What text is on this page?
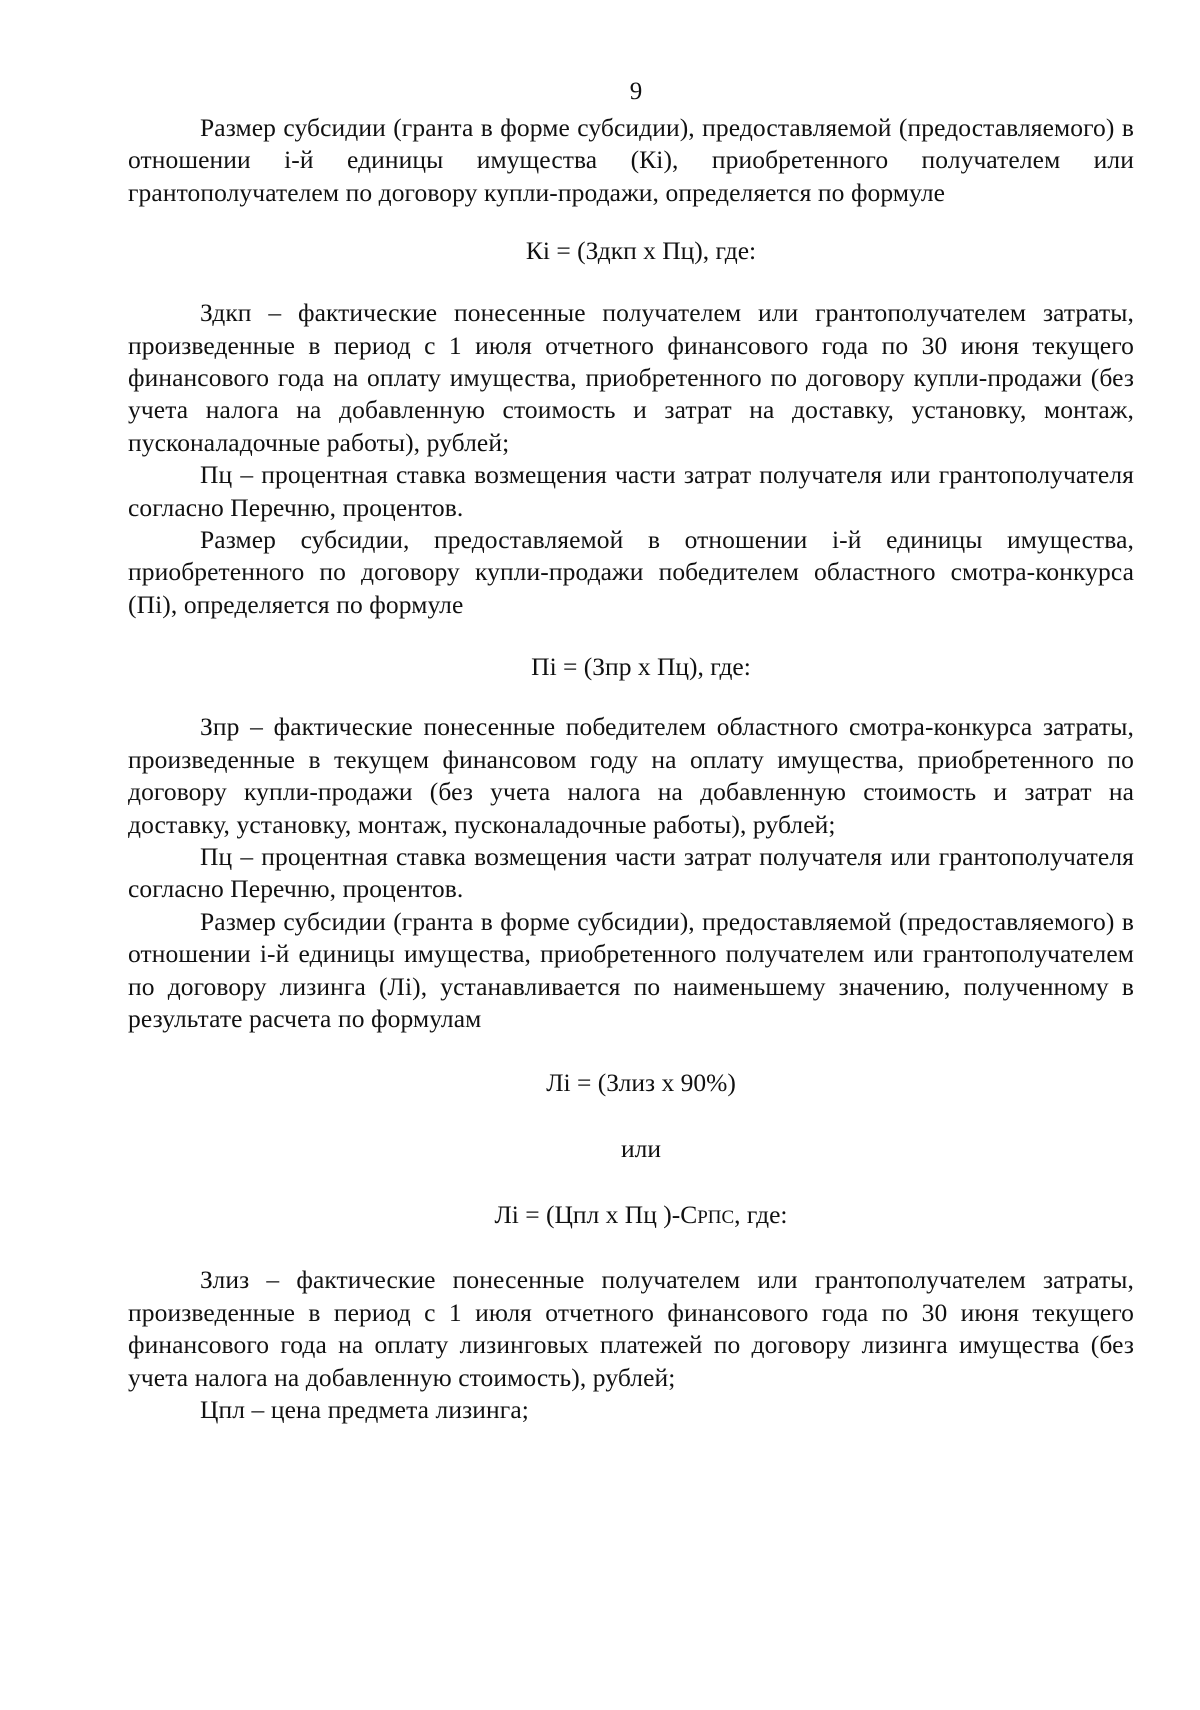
9

Размер субсидии (гранта в форме субсидии), предоставляемой (предоставляемого) в отношении i-й единицы имущества (Кi), приобретенного получателем или грантополучателем по договору купли-продажи, определяется по формуле

Кi = (Здкп х Пц), где:

Здкп – фактические понесенные получателем или грантополучателем затраты, произведенные в период с 1 июля отчетного финансового года по 30 июня текущего финансового года на оплату имущества, приобретенного по договору купли-продажи (без учета налога на добавленную стоимость и затрат на доставку, установку, монтаж, пусконаладочные работы), рублей;

Пц – процентная ставка возмещения части затрат получателя или грантополучателя согласно Перечню, процентов.

Размер субсидии, предоставляемой в отношении i-й единицы имущества, приобретенного по договору купли-продажи победителем областного смотра-конкурса (Пi), определяется по формуле

Пi = (Зпр х Пц), где:

Зпр – фактические понесенные победителем областного смотра-конкурса затраты, произведенные в текущем финансовом году на оплату имущества, приобретенного по договору купли-продажи (без учета налога на добавленную стоимость и затрат на доставку, установку, монтаж, пусконаладочные работы), рублей;

Пц – процентная ставка возмещения части затрат получателя или грантополучателя согласно Перечню, процентов.

Размер субсидии (гранта в форме субсидии), предоставляемой (предоставляемого) в отношении i-й единицы имущества, приобретенного получателем или грантополучателем по договору лизинга (Лi), устанавливается по наименьшему значению, полученному в результате расчета по формулам

Лi = (Злиз х 90%)

или

Лi = (Цпл х Пц )-СРПС, где:

Злиз – фактические понесенные получателем или грантополучателем затраты, произведенные в период с 1 июля отчетного финансового года по 30 июня текущего финансового года на оплату лизинговых платежей по договору лизинга имущества (без учета налога на добавленную стоимость), рублей;

Цпл – цена предмета лизинга;
